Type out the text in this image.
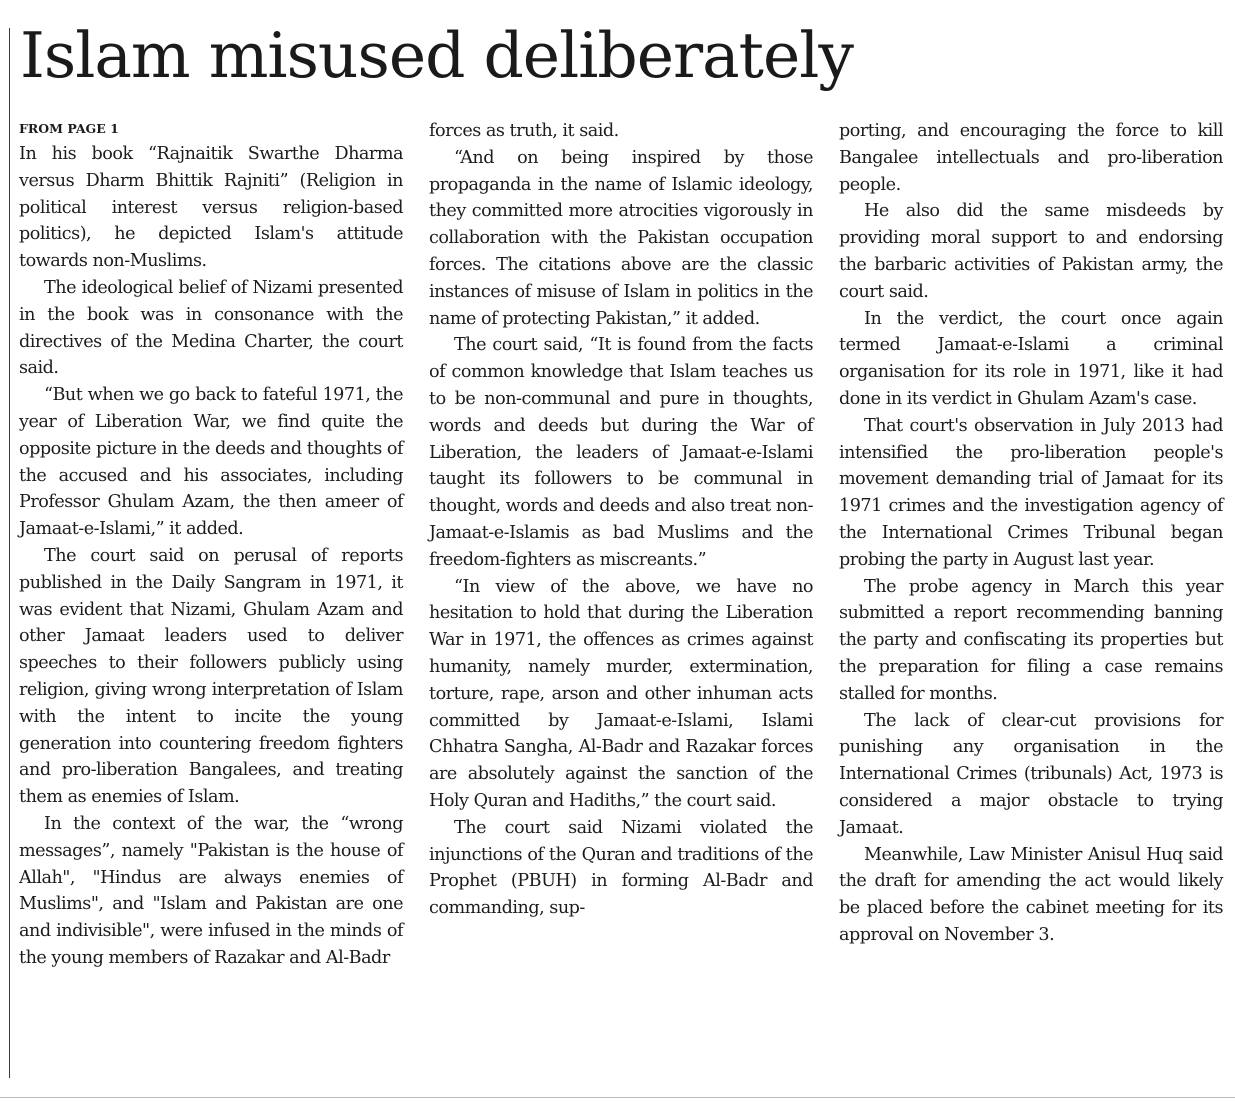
Islam misused deliberately
FROM PAGE 1

In his book “Rajnaitik Swarthe Dharma versus Dharm Bhittik Rajniti” (Religion in political interest versus religion-based politics), he depicted Islam's attitude towards non-Muslims.

The ideological belief of Nizami presented in the book was in consonance with the directives of the Medina Charter, the court said.

“But when we go back to fateful 1971, the year of Liberation War, we find quite the opposite picture in the deeds and thoughts of the accused and his associates, including Professor Ghulam Azam, the then ameer of Jamaat-e-Islami,” it added.

The court said on perusal of reports published in the Daily Sangram in 1971, it was evident that Nizami, Ghulam Azam and other Jamaat leaders used to deliver speeches to their followers publicly using religion, giving wrong interpretation of Islam with the intent to incite the young generation into countering freedom fighters and pro-liberation Bangalees, and treating them as enemies of Islam.

In the context of the war, the “wrong messages”, namely "Pakistan is the house of Allah", "Hindus are always enemies of Muslims", and "Islam and Pakistan are one and indivisible", were infused in the minds of the young members of Razakar and Al-Badr

forces as truth, it said.

“And on being inspired by those propaganda in the name of Islamic ideology, they committed more atrocities vigorously in collaboration with the Pakistan occupation forces. The citations above are the classic instances of misuse of Islam in politics in the name of protecting Pakistan,” it added.

The court said, “It is found from the facts of common knowledge that Islam teaches us to be non-communal and pure in thoughts, words and deeds but during the War of Liberation, the leaders of Jamaat-e-Islami taught its followers to be communal in thought, words and deeds and also treat non-Jamaat-e-Islamis as bad Muslims and the freedom-fighters as miscreants.”

“In view of the above, we have no hesitation to hold that during the Liberation War in 1971, the offences as crimes against humanity, namely murder, extermination, torture, rape, arson and other inhuman acts committed by Jamaat-e-Islami, Islami Chhatra Sangha, Al-Badr and Razakar forces are absolutely against the sanction of the Holy Quran and Hadiths,” the court said.

The court said Nizami violated the injunctions of the Quran and traditions of the Prophet (PBUH) in forming Al-Badr and commanding, sup-

porting, and encouraging the force to kill Bangalee intellectuals and pro-liberation people.

He also did the same misdeeds by providing moral support to and endorsing the barbaric activities of Pakistan army, the court said.

In the verdict, the court once again termed Jamaat-e-Islami a criminal organisation for its role in 1971, like it had done in its verdict in Ghulam Azam's case.

That court's observation in July 2013 had intensified the pro-liberation people's movement demanding trial of Jamaat for its 1971 crimes and the investigation agency of the International Crimes Tribunal began probing the party in August last year.

The probe agency in March this year submitted a report recommending banning the party and confiscating its properties but the preparation for filing a case remains stalled for months.

The lack of clear-cut provisions for punishing any organisation in the International Crimes (tribunals) Act, 1973 is considered a major obstacle to trying Jamaat.

Meanwhile, Law Minister Anisul Huq said the draft for amending the act would likely be placed before the cabinet meeting for its approval on November 3.
